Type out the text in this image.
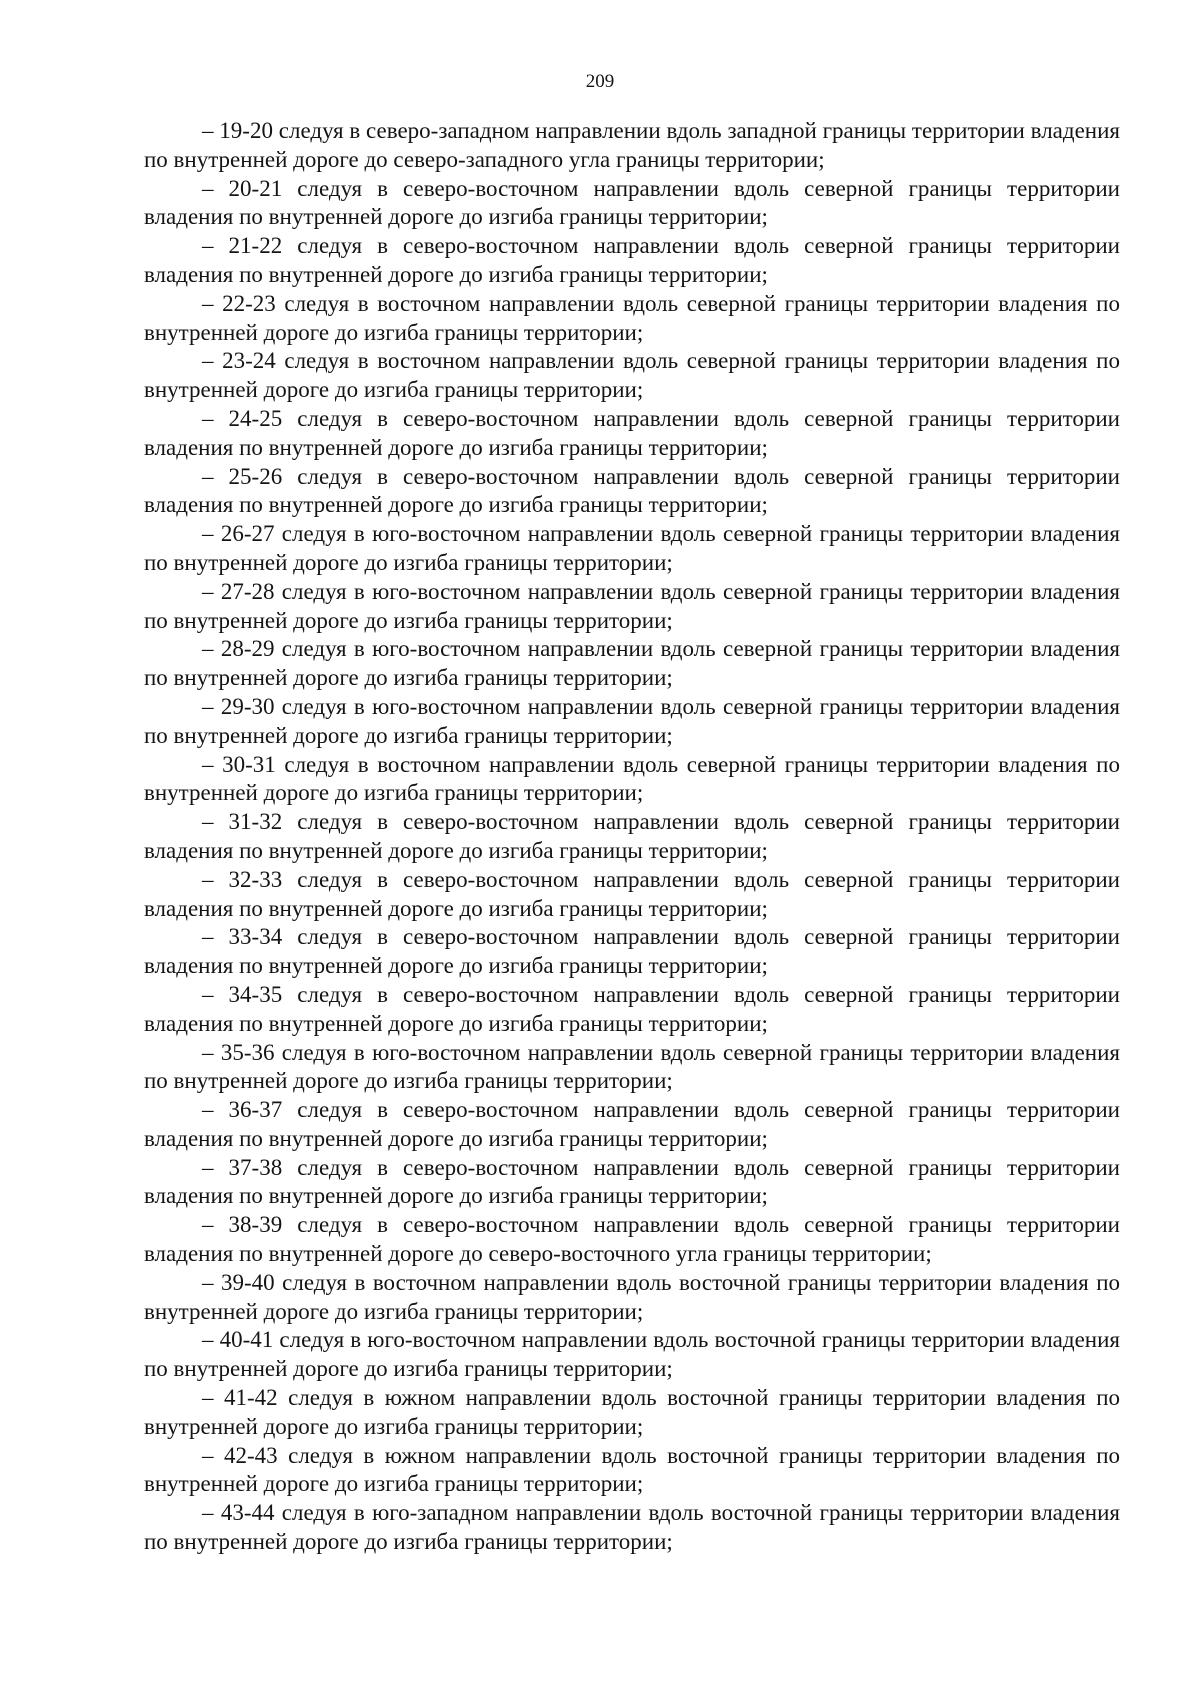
209

– 19-20 следуя в северо-западном направлении вдоль западной границы территории владения по внутренней дороге до северо-западного угла границы территории;

– 20-21 следуя в северо-восточном направлении вдоль северной границы территории владения по внутренней дороге до изгиба границы территории;

– 21-22 следуя в северо-восточном направлении вдоль северной границы территории владения по внутренней дороге до изгиба границы территории;

– 22-23 следуя в восточном направлении вдоль северной границы территории владения по внутренней дороге до изгиба границы территории;

– 23-24 следуя в восточном направлении вдоль северной границы территории владения по внутренней дороге до изгиба границы территории;

– 24-25 следуя в северо-восточном направлении вдоль северной границы территории владения по внутренней дороге до изгиба границы территории;

– 25-26 следуя в северо-восточном направлении вдоль северной границы территории владения по внутренней дороге до изгиба границы территории;

– 26-27 следуя в юго-восточном направлении вдоль северной границы территории владения по внутренней дороге до изгиба границы территории;

– 27-28 следуя в юго-восточном направлении вдоль северной границы территории владения по внутренней дороге до изгиба границы территории;

– 28-29 следуя в юго-восточном направлении вдоль северной границы территории владения по внутренней дороге до изгиба границы территории;

– 29-30 следуя в юго-восточном направлении вдоль северной границы территории владения по внутренней дороге до изгиба границы территории;

– 30-31 следуя в восточном направлении вдоль северной границы территории владения по внутренней дороге до изгиба границы территории;

– 31-32 следуя в северо-восточном направлении вдоль северной границы территории владения по внутренней дороге до изгиба границы территории;

– 32-33 следуя в северо-восточном направлении вдоль северной границы территории владения по внутренней дороге до изгиба границы территории;

– 33-34 следуя в северо-восточном направлении вдоль северной границы территории владения по внутренней дороге до изгиба границы территории;

– 34-35 следуя в северо-восточном направлении вдоль северной границы территории владения по внутренней дороге до изгиба границы территории;

– 35-36 следуя в юго-восточном направлении вдоль северной границы территории владения по внутренней дороге до изгиба границы территории;

– 36-37 следуя в северо-восточном направлении вдоль северной границы территории владения по внутренней дороге до изгиба границы территории;

– 37-38 следуя в северо-восточном направлении вдоль северной границы территории владения по внутренней дороге до изгиба границы территории;

– 38-39 следуя в северо-восточном направлении вдоль северной границы территории владения по внутренней дороге до северо-восточного угла границы территории;

– 39-40 следуя в восточном направлении вдоль восточной границы территории владения по внутренней дороге до изгиба границы территории;

– 40-41 следуя в юго-восточном направлении вдоль восточной границы территории владения по внутренней дороге до изгиба границы территории;

– 41-42 следуя в южном направлении вдоль восточной границы территории владения по внутренней дороге до изгиба границы территории;

– 42-43 следуя в южном направлении вдоль восточной границы территории владения по внутренней дороге до изгиба границы территории;

– 43-44 следуя в юго-западном направлении вдоль восточной границы территории владения по внутренней дороге до изгиба границы территории;
